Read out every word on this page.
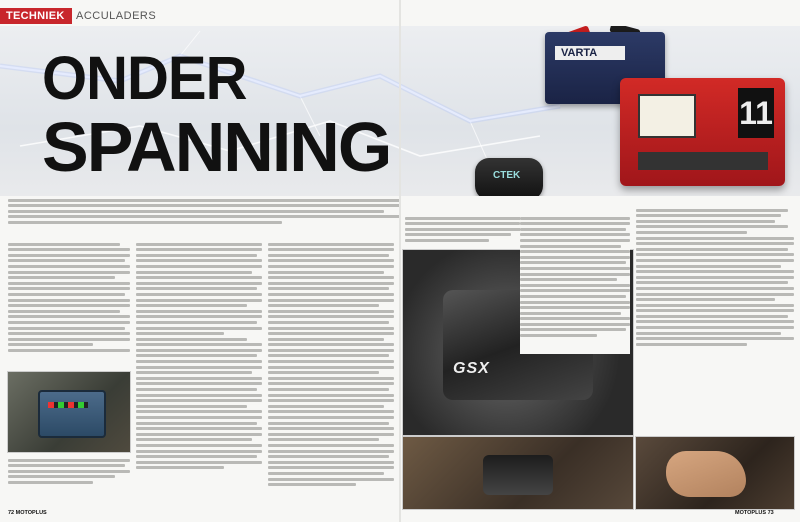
TECHNIEK	ACCULADERS
ONDER
SPANNING
VARTA
11
CTEK
GSX
72 MOTOPLUS	MOTOPLUS 73
